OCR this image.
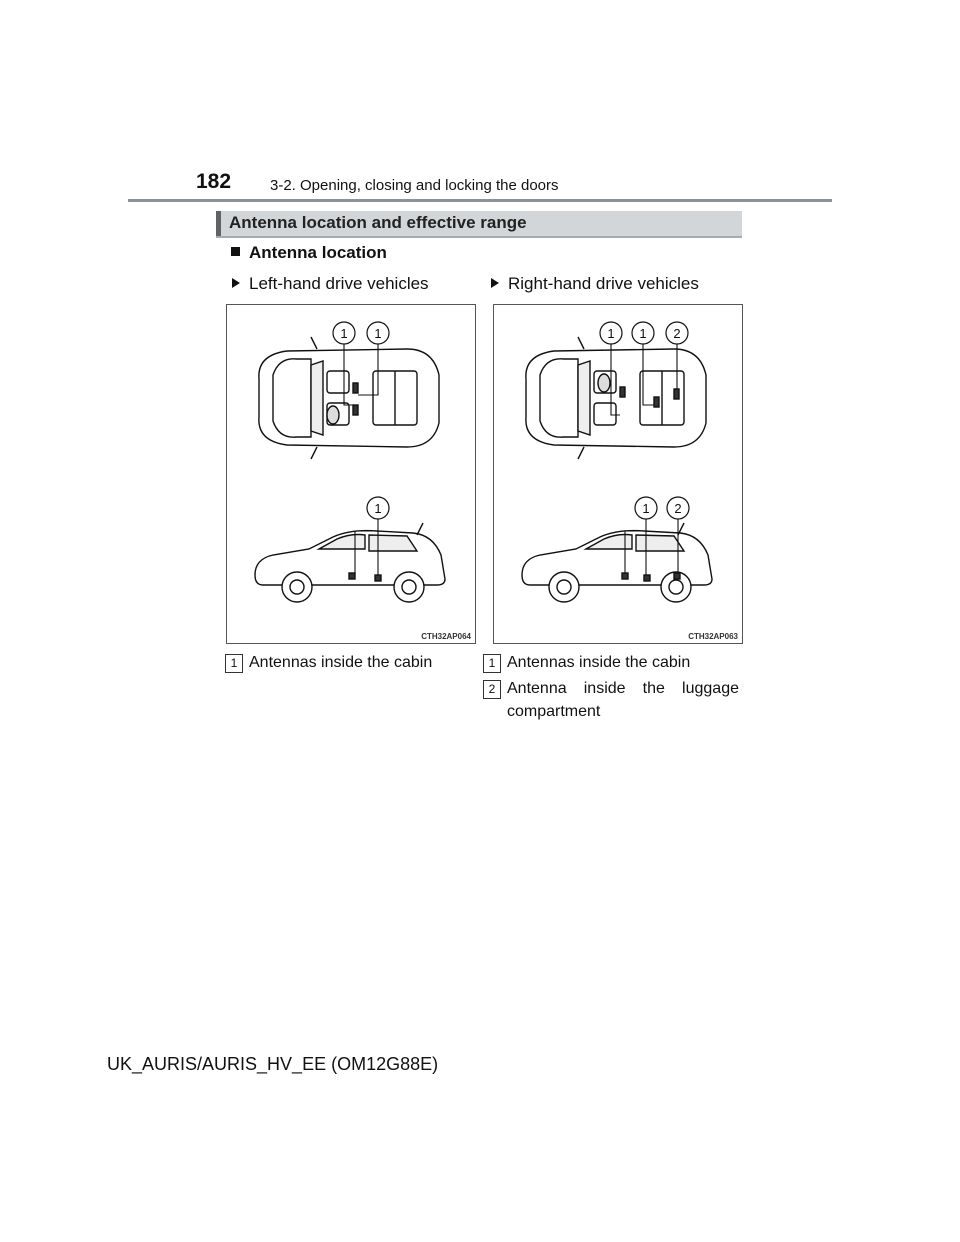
182	3-2. Opening, closing and locking the doors
Antenna location and effective range
Antenna location
Left-hand drive vehicles	Right-hand drive vehicles
1 1
1
CTH32AP064
1 1 2
1 2
CTH32AP063
1 Antennas inside the cabin	1 Antennas inside the cabin
2 Antenna inside the luggage
compartment
UK_AURIS/AURIS_HV_EE (OM12G88E)
